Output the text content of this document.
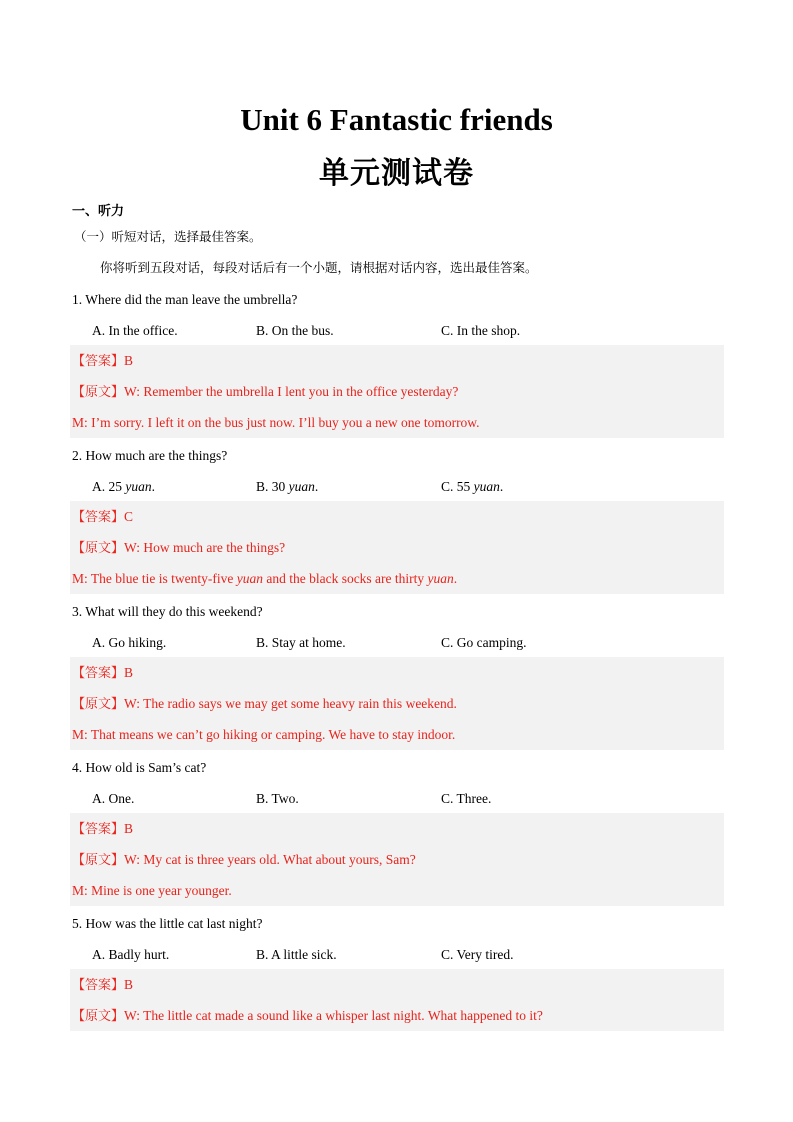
Unit 6 Fantastic friends
单元测试卷
一、听力
（一）听短对话，选择最佳答案。
你将听到五段对话，每段对话后有一个小题，请根据对话内容，选出最佳答案。
1. Where did the man leave the umbrella?
A. In the office.	B. On the bus.	C. In the shop.
【答案】B
【原文】W: Remember the umbrella I lent you in the office yesterday?
M: I’m sorry. I left it on the bus just now. I’ll buy you a new one tomorrow.
2. How much are the things?
A. 25 yuan.	B. 30 yuan.	C. 55 yuan.
【答案】C
【原文】W: How much are the things?
M: The blue tie is twenty-five yuan and the black socks are thirty yuan.
3. What will they do this weekend?
A. Go hiking.	B. Stay at home.	C. Go camping.
【答案】B
【原文】W: The radio says we may get some heavy rain this weekend.
M: That means we can’t go hiking or camping. We have to stay indoor.
4. How old is Sam’s cat?
A. One.	B. Two.	C. Three.
【答案】B
【原文】W: My cat is three years old. What about yours, Sam?
M: Mine is one year younger.
5. How was the little cat last night?
A. Badly hurt.	B. A little sick.	C. Very tired.
【答案】B
【原文】W: The little cat made a sound like a whisper last night. What happened to it?
